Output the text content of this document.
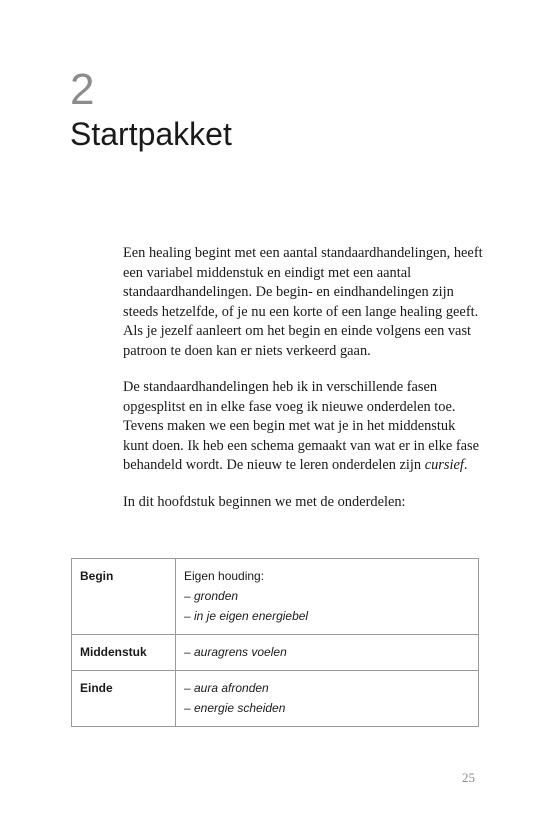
2
Startpakket

Een healing begint met een aantal standaardhandelingen, heeft een variabel middenstuk en eindigt met een aantal standaardhandelingen. De begin- en eindhandelingen zijn steeds hetzelfde, of je nu een korte of een lange healing geeft. Als je jezelf aanleert om het begin en einde volgens een vast patroon te doen kan er niets verkeerd gaan.

De standaardhandelingen heb ik in verschillende fasen opgesplitst en in elke fase voeg ik nieuwe onderdelen toe. Tevens maken we een begin met wat je in het middenstuk kunt doen. Ik heb een schema gemaakt van wat er in elke fase behandeld wordt. De nieuw te leren onderdelen zijn cursief.

In dit hoofdstuk beginnen we met de onderdelen:

Begin	Eigen houding:
– gronden
– in je eigen energiebel

Middenstuk	– auragrens voelen

Einde	– aura afronden
– energie scheiden
25
